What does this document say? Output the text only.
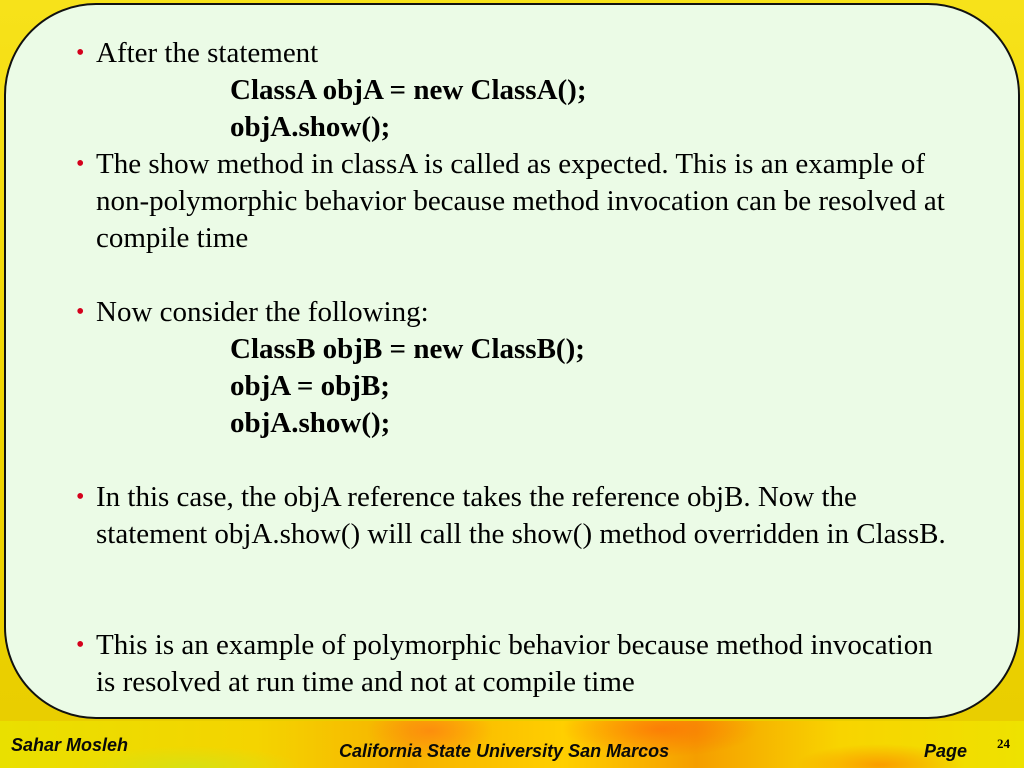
• After the statement
ClassA objA = new ClassA();
objA.show();
• The show method in classA is called as expected. This is an example of non-polymorphic behavior because method invocation can be resolved at compile time
• Now consider the following:
ClassB objB = new ClassB();
objA = objB;
objA.show();
• In this case, the objA reference takes the reference objB. Now the statement objA.show() will call the show() method overridden in ClassB.
• This is an example of polymorphic behavior because method invocation is resolved at run time and not at compile time
Sahar Mosleh	California State University San Marcos	Page 24
